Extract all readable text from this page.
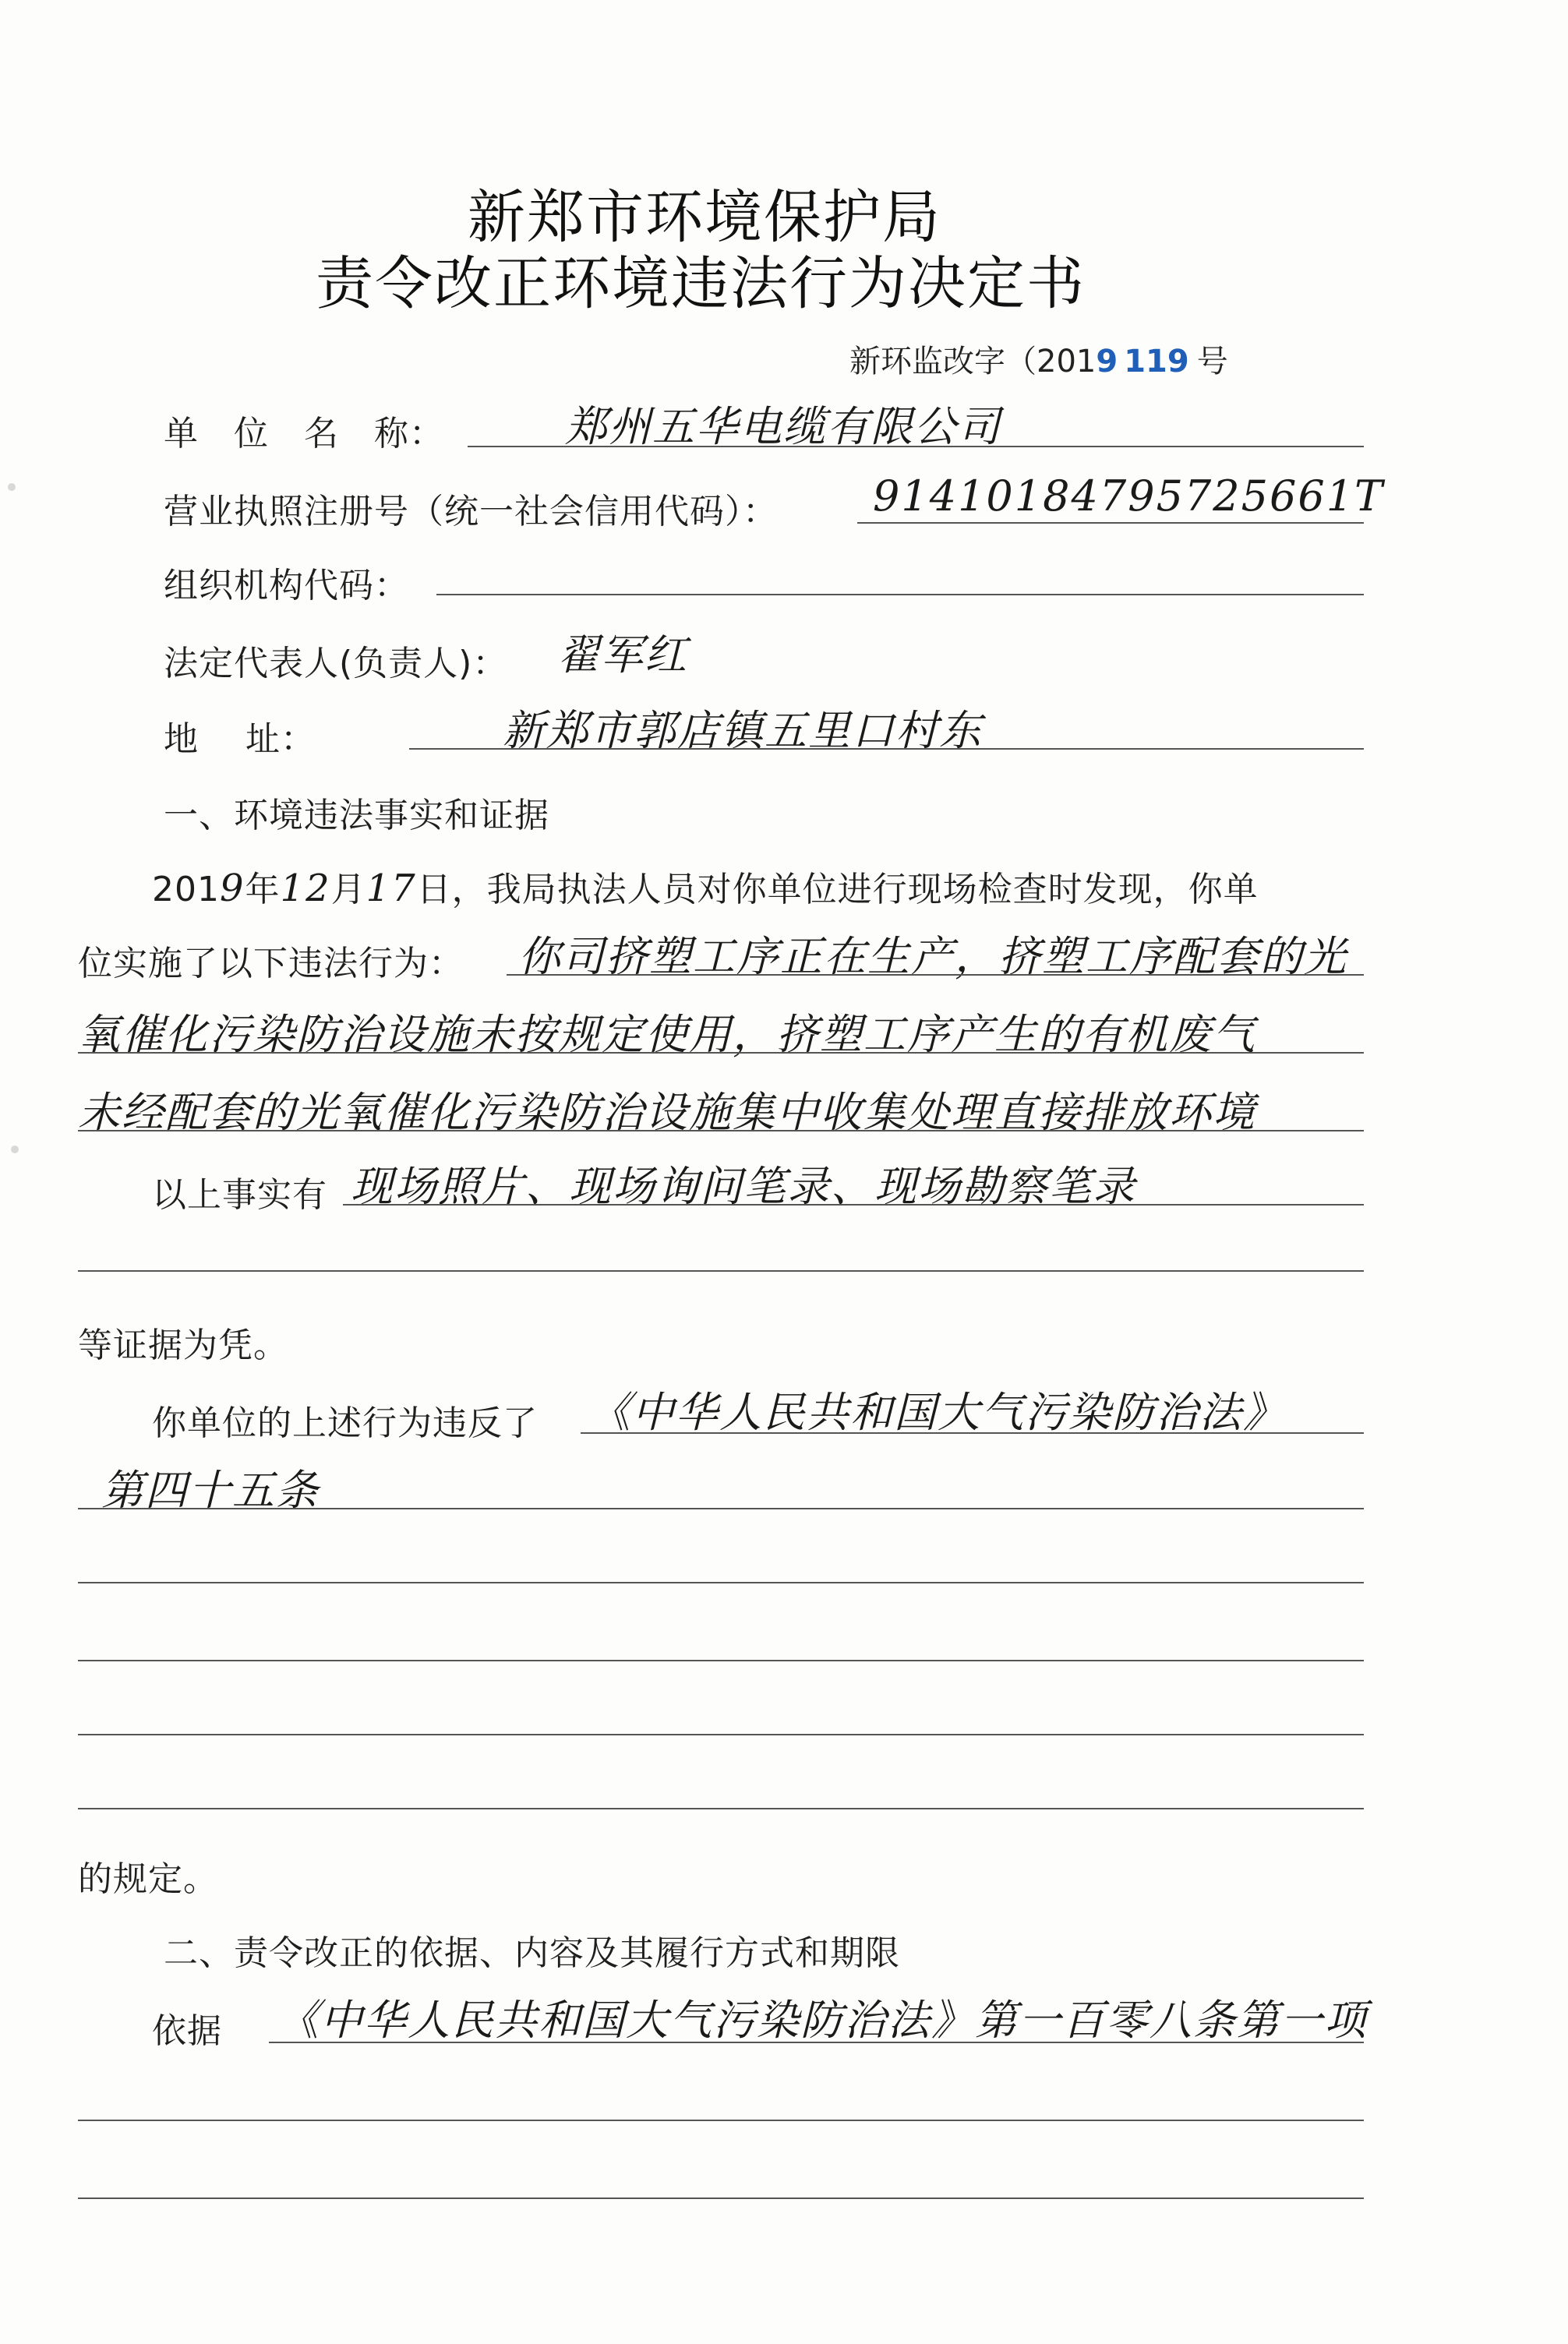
新郑市环境保护局
责令改正环境违法行为决定书
新环监改字（2019 119 号
单 位 名 称：	郑州五华电缆有限公司
营业执照注册号（统一社会信用代码）： 91410184795725661T
组织机构代码：
法定代表人(负责人)： 翟军红
地    址：	新郑市郭店镇五里口村东
一、环境违法事实和证据
2019年12月17日，我局执法人员对你单位进行现场检查时发现，你单
位实施了以下违法行为： 你司挤塑工序正在生产，挤塑工序配套的光
氧催化污染防治设施未按规定使用，挤塑工序产生的有机废气
未经配套的光氧催化污染防治设施集中收集处理直接排放环境
以上事实有 现场照片、现场询问笔录、现场勘察笔录
等证据为凭。
你单位的上述行为违反了 《中华人民共和国大气污染防治法》
第四十五条
的规定。
二、责令改正的依据、内容及其履行方式和期限
依据 《中华人民共和国大气污染防治法》第一百零八条第一项
